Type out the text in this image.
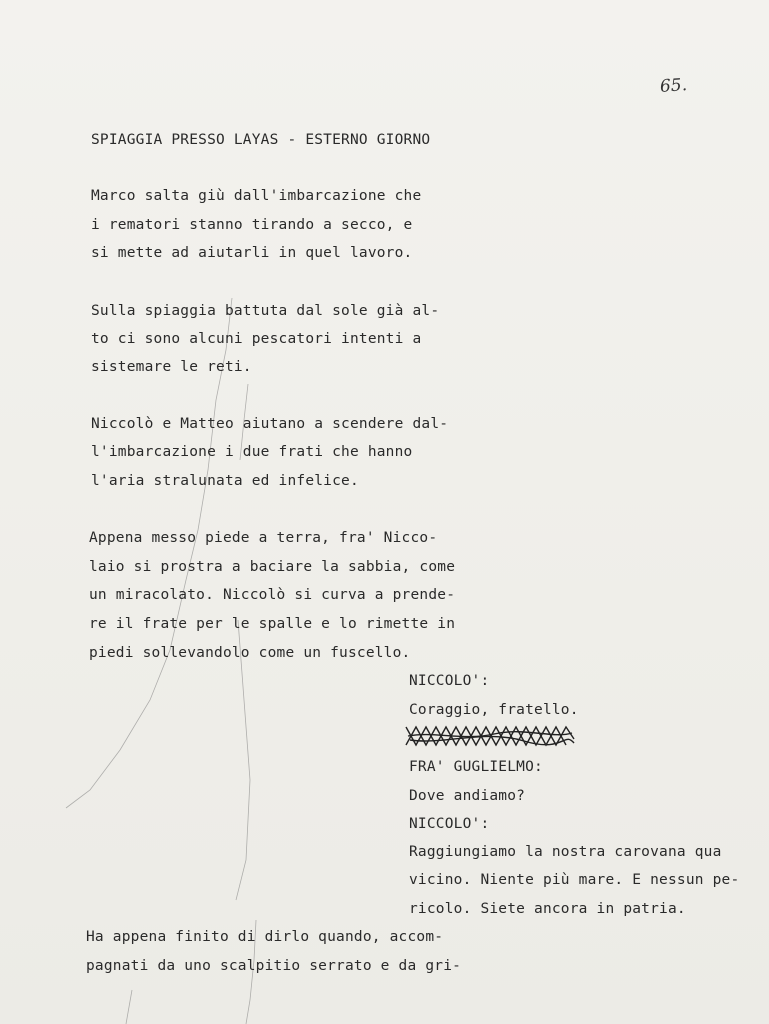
65.
SPIAGGIA PRESSO LAYAS - ESTERNO GIORNO
Marco salta giù dall'imbarcazione che
i rematori stanno tirando a secco, e
si mette ad aiutarli in quel lavoro.
Sulla spiaggia battuta dal sole già al-
to ci sono alcuni pescatori intenti a
sistemare le reti.
Niccolò e Matteo aiutano a scendere dal-
l'imbarcazione i due frati che hanno
l'aria stralunata ed infelice.
Appena messo piede a terra, fra' Nicco-
laio si prostra a baciare la sabbia, come
un miracolato. Niccolò si curva a prende-
re il frate per le spalle e lo rimette in
piedi sollevandolo come un fuscello.
NICCOLO':
Coraggio, fratello.
FRA' GUGLIELMO:
Dove andiamo?
NICCOLO':
Raggiungiamo la nostra carovana qua
vicino. Niente più mare. E nessun pe-
ricolo. Siete ancora in patria.
Ha appena finito di dirlo quando, accom-
pagnati da uno scalpitio serrato e da gri-
